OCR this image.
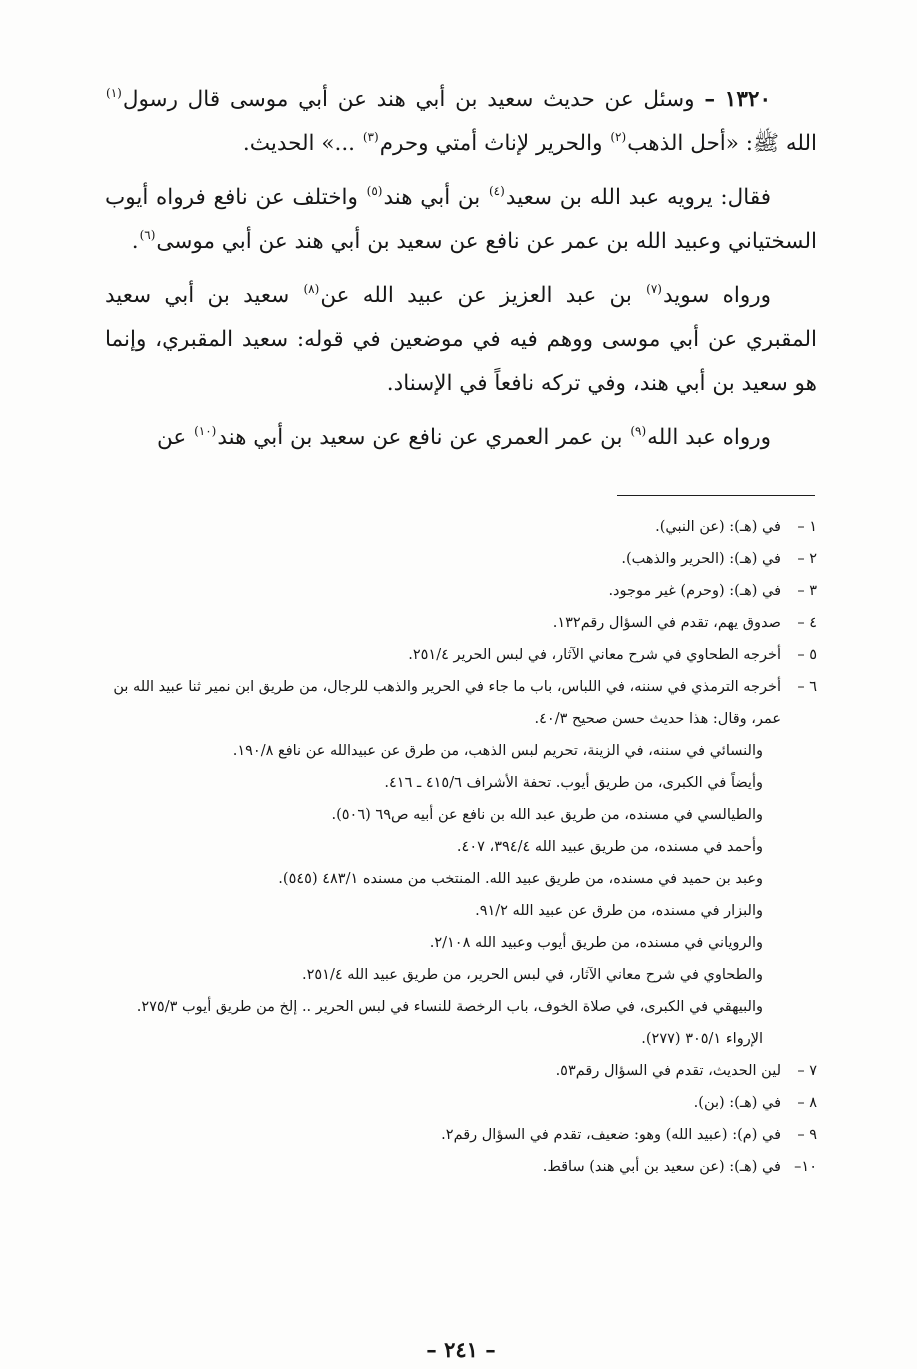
١٣٢٠ – وسئل عن حديث سعيد بن أبي هند عن أبي موسى قال رسول$^{(١)}$ الله ﷺ: «أحل الذهب$^{(٢)}$ والحرير لإناث أمتي وحرم$^{(٣)}$ ...» الحديث.

فقال: يرويه عبد الله بن سعيد$^{(٤)}$ بن أبي هند$^{(٥)}$ واختلف عن نافع فرواه أيوب السختياني وعبيد الله بن عمر عن نافع عن سعيد بن أبي هند عن أبي موسى$^{(٦)}$.

ورواه سويد$^{(٧)}$ بن عبد العزيز عن عبيد الله عن$^{(٨)}$ سعيد بن أبي سعيد المقبري عن أبي موسى ووهم فيه في موضعين في قوله: سعيد المقبري، وإنما هو سعيد بن أبي هند، وفي تركه نافعاً في الإسناد.

ورواه عبد الله$^{(٩)}$ بن عمر العمري عن نافع عن سعيد بن أبي هند$^{(١٠)}$ عن

١ –
في (هـ): (عن النبي).
٢ –
في (هـ): (الحرير والذهب).
٣ –
في (هـ): (وحرم) غير موجود.
٤ –
صدوق يهم، تقدم في السؤال رقم١٣٢.
٥ –
أخرجه الطحاوي في شرح معاني الآثار، في لبس الحرير ٢٥١/٤.
٦ –
أخرجه الترمذي في سننه، في اللباس، باب ما جاء في الحرير والذهب للرجال، من طريق ابن نمير ثنا عبيد الله بن عمر، وقال: هذا حديث حسن صحيح ٤٠/٣.
والنسائي في سننه، في الزينة، تحريم لبس الذهب، من طرق عن عبيدالله عن نافع ١٩٠/٨.
وأيضاً في الكبرى، من طريق أيوب. تحفة الأشراف ٤١٥/٦ ـ ٤١٦.
والطيالسي في مسنده، من طريق عبد الله بن نافع عن أبيه ص٦٩ (٥٠٦).
وأحمد في مسنده، من طريق عبيد الله ٣٩٤/٤، ٤٠٧.
وعبد بن حميد في مسنده، من طريق عبيد الله. المنتخب من مسنده ٤٨٣/١ (٥٤٥).
والبزار في مسنده، من طرق عن عبيد الله ٩١/٢.
والروياني في مسنده، من طريق أيوب وعبيد الله ٢/١٠٨.
والطحاوي في شرح معاني الآثار، في لبس الحرير، من طريق عبيد الله ٢٥١/٤.
والبيهقي في الكبرى، في صلاة الخوف، باب الرخصة للنساء في لبس الحرير .. إلخ من طريق أيوب ٢٧٥/٣.
الإرواء ٣٠٥/١ (٢٧٧).
٧ –
لين الحديث، تقدم في السؤال رقم٥٣.
٨ –
في (هـ): (بن).
٩ –
في (م): (عبيد الله) وهو: ضعيف، تقدم في السؤال رقم٢.
١٠–
في (هـ): (عن سعيد بن أبي هند) ساقط.
– ٢٤١ –
